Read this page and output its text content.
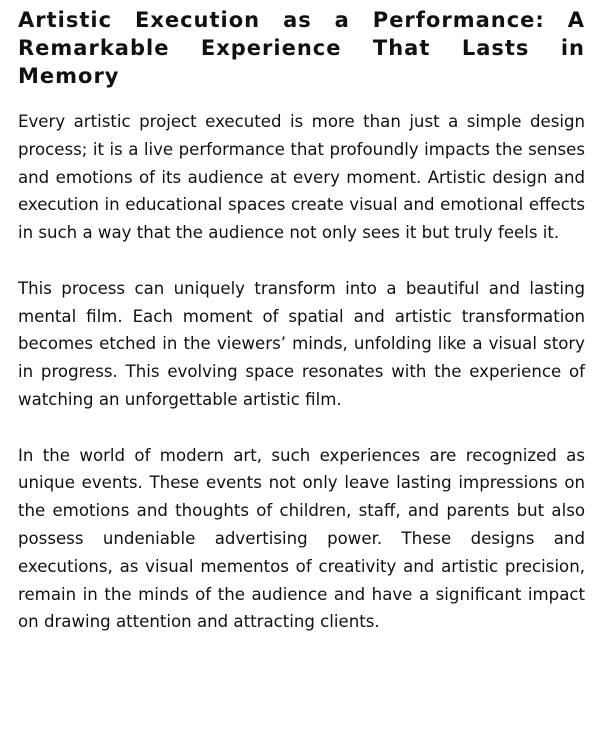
Artistic Execution as a Performance: A Remarkable Experience That Lasts in Memory

Every artistic project executed is more than just a simple design process; it is a live performance that profoundly impacts the senses and emotions of its audience at every moment. Artistic design and execution in educational spaces create visual and emotional effects in such a way that the audience not only sees it but truly feels it.

This process can uniquely transform into a beautiful and lasting mental film. Each moment of spatial and artistic transformation becomes etched in the viewers’ minds, unfolding like a visual story in progress. This evolving space resonates with the experience of watching an unforgettable artistic film.

In the world of modern art, such experiences are recognized as unique events. These events not only leave lasting impressions on the emotions and thoughts of children, staff, and parents but also possess undeniable advertising power. These designs and executions, as visual mementos of creativity and artistic precision, remain in the minds of the audience and have a significant impact on drawing attention and attracting clients.
